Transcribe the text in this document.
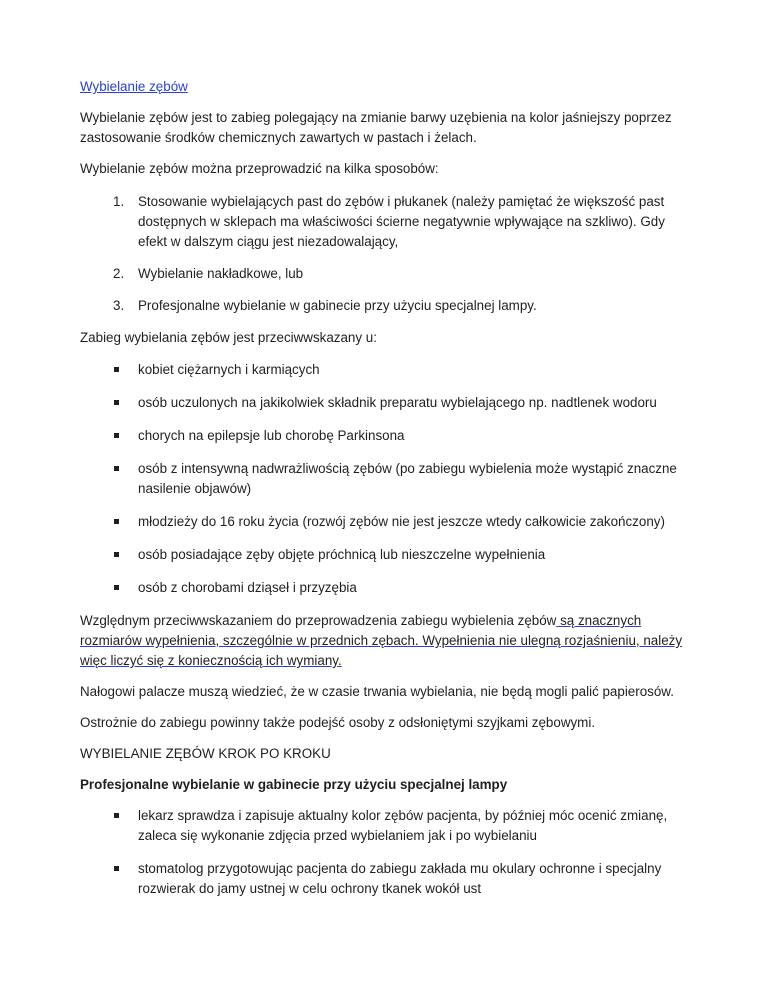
Wybielanie zębów

Wybielanie zębów jest to zabieg polegający na zmianie barwy uzębienia na kolor jaśniejszy poprzez zastosowanie środków chemicznych zawartych w pastach i żelach.

Wybielanie zębów można przeprowadzić na kilka sposobów:

1. Stosowanie wybielających past do zębów i płukanek (należy pamiętać że większość past dostępnych w sklepach ma właściwości ścierne negatywnie wpływające na szkliwo). Gdy efekt w dalszym ciągu jest niezadowalający,
2. Wybielanie nakładkowe, lub
3. Profesjonalne wybielanie w gabinecie przy użyciu specjalnej lampy.

Zabieg wybielania zębów jest przeciwwskazany u:

kobiet ciężarnych i karmiących
osób uczulonych na jakikolwiek składnik preparatu wybielającego np. nadtlenek wodoru
chorych na epilepsje lub chorobę Parkinsona
osób z intensywną nadwrażliwością zębów (po zabiegu wybielenia może wystąpić znaczne nasilenie objawów)
młodzieży do 16 roku życia (rozwój zębów nie jest jeszcze wtedy całkowicie zakończony)
osób posiadające zęby objęte próchnicą lub nieszczelne wypełnienia
osób z chorobami dziąseł i przyzębia

Względnym przeciwwskazaniem do przeprowadzenia zabiegu wybielenia zębów są znacznych rozmiarów wypełnienia, szczególnie w przednich zębach. Wypełnienia nie ulegną rozjaśnieniu, należy więc liczyć się z koniecznością ich wymiany.

Nałogowi palacze muszą wiedzieć, że w czasie trwania wybielania, nie będą mogli palić papierosów.

Ostrożnie do zabiegu powinny także podejść osoby z odsłoniętymi szyjkami zębowymi.

WYBIELANIE ZĘBÓW KROK PO KROKU

Profesjonalne wybielanie w gabinecie przy użyciu specjalnej lampy

lekarz sprawdza i zapisuje aktualny kolor zębów pacjenta, by później móc ocenić zmianę, zaleca się wykonanie zdjęcia przed wybielaniem jak i po wybielaniu
stomatolog przygotowując pacjenta do zabiegu zakłada mu okulary ochronne i specjalny rozwierak do jamy ustnej w celu ochrony tkanek wokół ust
